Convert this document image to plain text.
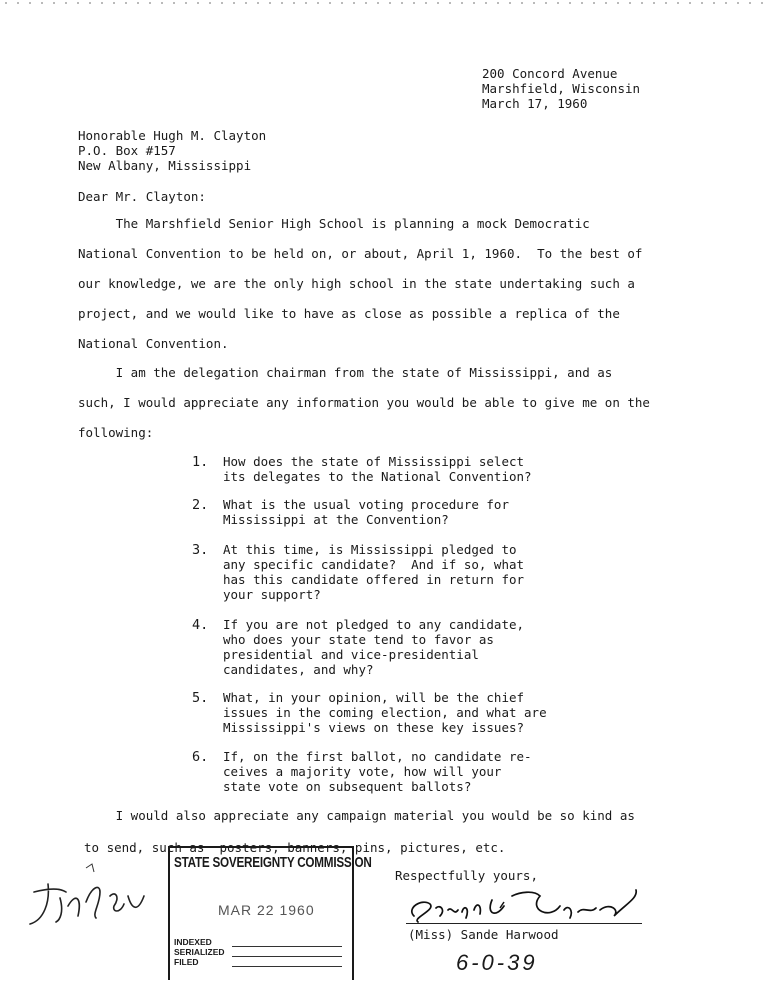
200 Concord Avenue
Marshfield, Wisconsin
March 17, 1960
Honorable Hugh M. Clayton
P.O. Box #157
New Albany, Mississippi
Dear Mr. Clayton:
The Marshfield Senior High School is planning a mock Democratic
National Convention to be held on, or about, April 1, 1960.  To the best of
our knowledge, we are the only high school in the state undertaking such a
project, and we would like to have as close as possible a replica of the
National Convention.
I am the delegation chairman from the state of Mississippi, and as
such, I would appreciate any information you would be able to give me on the
following:
1. How does the state of Mississippi select
its delegates to the National Convention?
2. What is the usual voting procedure for
Mississippi at the Convention?
3. At this time, is Mississippi pledged to
any specific candidate?  And if so, what
has this candidate offered in return for
your support?
4. If you are not pledged to any candidate,
who does your state tend to favor as
presidential and vice-presidential
candidates, and why?
5. What, in your opinion, will be the chief
issues in the coming election, and what are
Mississippi's views on these key issues?
6. If, on the first ballot, no candidate re-
ceives a majority vote, how will your
state vote on subsequent ballots?
I would also appreciate any campaign material you would be so kind as
to send, such as  posters, banners, pins, pictures, etc.
STATE SOVEREIGNTY COMMISSION
MAR 22 1960
INDEXED
SERIALIZED
FILED
Respectfully yours,
(Miss) Sande Harwood
6-0-39
